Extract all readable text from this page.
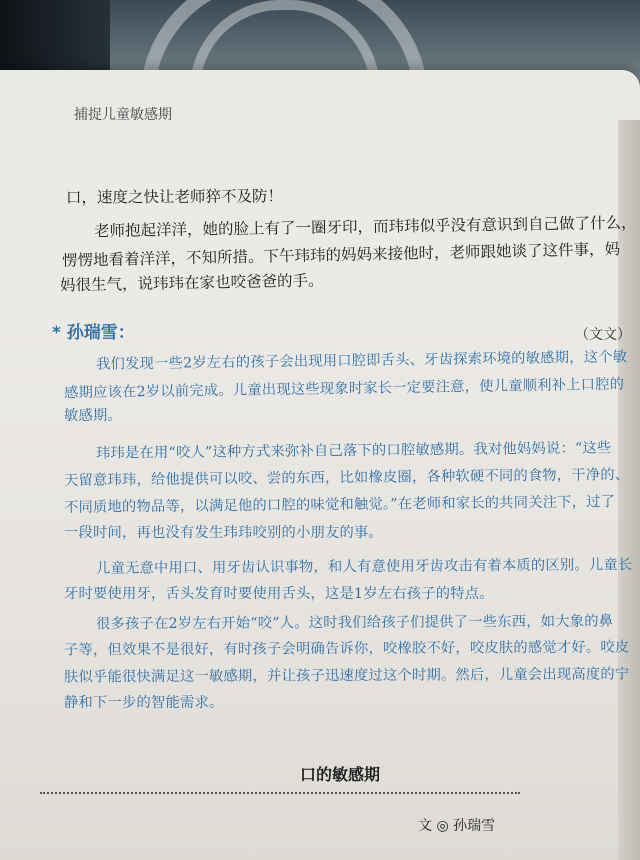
捕捉儿童敏感期
口，速度之快让老师猝不及防！
老师抱起洋洋，她的脸上有了一圈牙印，而玮玮似乎没有意识到自己做了什么，
愣愣地看着洋洋，不知所措。下午玮玮的妈妈来接他时，老师跟她谈了这件事，妈
妈很生气，说玮玮在家也咬爸爸的手。
* 孙瑞雪：	（文文）
我们发现一些2岁左右的孩子会出现用口腔即舌头、牙齿探索环境的敏感期，这个敏
感期应该在2岁以前完成。儿童出现这些现象时家长一定要注意，使儿童顺利补上口腔的
敏感期。
玮玮是在用“咬人”这种方式来弥补自己落下的口腔敏感期。我对他妈妈说：“这些
天留意玮玮，给他提供可以咬、尝的东西，比如橡皮圈，各种软硬不同的食物，干净的、
不同质地的物品等，以满足他的口腔的味觉和触觉。”在老师和家长的共同关注下，过了
一段时间，再也没有发生玮玮咬别的小朋友的事。
儿童无意中用口、用牙齿认识事物，和人有意使用牙齿攻击有着本质的区别。儿童长
牙时要使用牙，舌头发育时要使用舌头，这是1岁左右孩子的特点。
很多孩子在2岁左右开始“咬”人。这时我们给孩子们提供了一些东西，如大象的鼻
子等，但效果不是很好，有时孩子会明确告诉你，咬橡胶不好，咬皮肤的感觉才好。咬皮
肤似乎能很快满足这一敏感期，并让孩子迅速度过这个时期。然后，儿童会出现高度的宁
静和下一步的智能需求。
口的敏感期
文 ◎ 孙瑞雪
